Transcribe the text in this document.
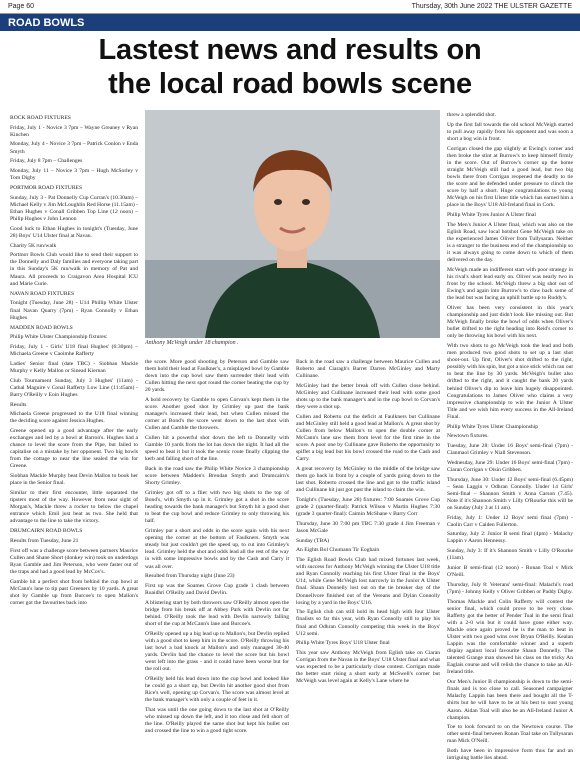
Page 60	Thursday, 30th June 2022 THE ULSTER GAZETTE
ROAD BOWLS
Lastest news and results on
the local road bowls scene

ROCK ROAD FIXTURES

Friday, July 1 - Novice 3 7pm – Wayne Greaney v Ryan Kinchen

Monday, July 4 - Novice 3 7pm – Patrick Conlon v Enda Smyth

Friday, July 8 7pm – Challenges

Monday, July 11 – Novice 3 7pm – Hugh McSorley v Tom Digby

PORTMOR ROAD FIXTURES

Sunday, July 3 - Pat Donnelly Cup Curran's (10.30am) – Michael Kelly v Jim McLoughlin Red Horse (11.15am) - Ethan Hughes v Conall Gribben Top Line (12 noon) – Philip Hughes v John Lennon

Good luck to Ethan Hughes in tonight's (Tuesday, June 28) Boys' U14 Ulster final at Navan.

Charity 5K run/walk

Portmor Bowls Club would like to send their support to the Donnelly and Daly families and everyone taking part in this Sunday's 5K run/walk in memory of Pat and Maura. All proceeds to Craigavon Area Hospital ICU and Marie Curie.

NAVAN ROAD FIXTURES

Tonight (Tuesday, June 28) - U14 Phillip White Ulster final Navan Quarry (7pm) - Ryan Connolly v Ethan Hughes

MADDEN ROAD BOWLS

Philip White Ulster Championship fixtures:

Friday, July 1 - Girls' U18 final Hughes' (6:30pm) – Michaela Greene v Caoimhe Rafferty

Ladies' Senior final (date TBC) - Siobhan Mackle Murphy v Kelly Mallon or Sinead Kiernan

Club Tournament Sunday, July 3 Hughes' (11am) - Cathal Maguire v Conal Rafferty Low Line (11:45am) - Barry O'Reilly v Eoin Hughes

Results

Michaela Greene progressed to the U18 final winning the deciding score against Jessica Hughes.

Greene opened up a good advantage after the early exchanges and led by a bowl at Barron's. Hughes had a chance to level the score from the Pipe, but failed to capitalise on a mistake by her opponent. Two big bowls from the cottage to near the line sealed the win for Greene.

Siobhan Mackle Murphy beat Devin Mallon to book her place in the Senior final.

Similar to their first encounter, little separated the tipsters most of the way. However from near sight of Morgan's, Mackle threw a rocker to below the chapel entrance which Emil just beat as two. She held that advantage to the line to take the victory.

DRUMCAIRN ROAD BOWLS

Results from Tuesday, June 21

First off was a challenge score between partners Maurice Cullen and Shane Short (donkey win) took on underdogs Ryan Gamble and Jim Peterson, who were faster out of the traps and had a good lead by McCov's.

Gamble hit a perfect shot from behind the cup bowl at McCann's lane to tip past Greeners by 10 yards. A great shot by Gamble up from Burcoe's to open Mallon's corner got the favourites back into

Anthony McVeigh under 18 champion .

the score. More good shooting by Peterson and Gamble saw them hold their lead at Faulkner's, a misplayed bowl by Gamble down into the cup bowl saw them surrender their lead with Cullen hitting the next spot round the corner beating the cup by 20 yards.

A bold recovery by Gamble to open Corvan's kept them in the score. Another good shot by Grimley up past the bank manager's increased their lead, but when Cullen missed the corner at Bond's the score went down to the last shot with Cullen and Gamble the throwers.

Cullen hit a powerful shot down the left to Donnelly with Gamble 10 yards from the lot has down the night. It had all the speed to beat it but it took the scenic route finally clipping the kerb and falling short of the line.

Back in the road saw the Philip White Novice 3 championship score between Madden's Brendan Smyth and Drumcairn's Shorty Grimley.

Grimley got off to a flier with two big shots to the top of Bond's, with Smyth up in it. Grimley got a shot in the score heading towards the bank manager's but Smyth hit a good shot to beat the cup bowl and reduce Grimley to only throwing his half.

Grimley put a short and odds in the score again with his next opening the corner at the bottom of Faulkners. Smyth was steady but just couldn't get the speed up, to cut into Grimley's lead. Grimley held the shot and odds lead all the rest of the way in with some impressive bowls and by the Cash and Carry it was all over.

Resulted from Thursday night (June 23)

First up was the Soames Grove Cup grade 1 clash between Ruaidhri O'Reilly and David Devlin.

A blistering start by both throwers saw O'Reilly almost open the bridge from his break off at Abbey Park with Devlin not far behind. O'Reilly took the lead with Devlin narrowly falling short of the cup at McCann's lane and Burcoe's.

O'Reilly opened up a big lead up to Mallon's, but Devlin replied with a good shot to keep him in the score. O'Reilly throwing his last bowl a bad knock at Mallon's and only managed 30-40 yards. Devlin had the chance to level the score but his bowl went left into the grass - and it could have been worse but for the roll out.

O'Reilly held his lead down into the cup bowl and looked like he could go a short up, but Devlin hit another good shot from Rice's well, opening up Corvan's. The score was almost level at the bank manager's with only a couple of feet in it.

That was until the one going down to the last shot at O'Reilly who missed up down the left, and it too close and fell short of the line. O'Reilly played the same shot but kept his bullet out and crossed the line to win a good tight score.

Back in the road saw a challenge between Maurice Cullen and Roberto and Ciaragh's Barret Darren McGinley and Marty Cullinane.

McGinley had the better break off with Cullen close behind. McGinley and Cullinane increased their lead with some good shots up to the bank manager's and in the cup bowl to Corvan's they were a shot up.

Cullen and Roberto cut the deficit at Faulkners but Cullinane and McGinley still held a good lead at Mallon's. A great shot by Cullen from below Mallon's to open the double corner at McCann's lane saw them from level for the first time in the score. A poor one by Cullinane gave Roberto the opportunity to spiflet a big lead but his bowl crossed the road to the Cash and Carry.

A great recovery by McGinley to the middle of the bridge saw them go back in front by a couple of yards going down to the last shot. Roberto crossed the line and got to the traffic island and Cullinane hit just got past the island to claim the win.

Tonight's (Tuesday, June 28) fixtures: 7:00 Soames Grove Cup grade 2 (quarter-final): Patrick Wilson v Martin Hughes 7:30 (grade 3 quarter-final): Caimin McShane v Barry Corr

Thursday, June 30 7:00 pm TBC 7:30 grade 4 Jim Freeman v Jason McGale

Sunday (TBA)

An Eights Bol Chumann Tir Eoghain

The Eglish Road Bowls Club had mixed fortunes last week, with success for Anthony McVeigh winning the Ulster U18 title and Ryan Connolly reaching his first Ulster final in the Boys' U14, while Gene McVeigh lost narrowly in the Junior A Ulster final. Shaun Donnelly lost out on the tie breaker day of the Donnellvore finished out of the Vereans and Dylan Connolly losing by a yard in the Boys' U16.

The Eglish club can still hold its head high with four Ulster finalists so far this year, with Ryan Connolly still to play his final and Odhran Connolly competing this week in the Boys' U12 semi.

Philip White Tyres Boys' U18 Ulster final

This year saw Anthony McVeigh from Eglish take on Ciaran Corrigan from the Navan in the Boys' U18 Ulster final and what was expected to be a particularly close contest. Corrigan made the better start rising a short early at McSwell's corner but McVeigh was level again at Kelly's Lane where he

threw a splendid shot.

Up the first fall towards the old school McVeigh started to pull away rapidly from his opponent and was soon a short a bog win in front.

Corrigan closed the gap slightly at Ewing's corner and then broke the stint at Burrow's to keep himself firmly in the score. Out of Burrow's corner up the home straight McVeigh still had a good lead, but two big bowls there from Corrigan reopened the deadly to tie the score and he defended under pressure to clinch the score by half a short. Huge congratulations to young McVeigh on his first Ulster title which has earned him a place in the Boys' U18 All-Ireland final in Cork.

Philip White Tyres Junior A Ulster final

The Men's Junior A Ulster final, which was also on the Eglish Road, saw local hotshot Gene McVeigh take on the experienced James Oliver from Tullysaran. Neither is a stranger to the business end of the championship so it was always going to come down to which of them delivered on the day.

McVeigh made an indifferent start with poor strategy in his rival's short lead early on. Oliver was nearly two in front by the school. McVeigh threw a big shot out of Ewing's and again into Burrow's to claw back some of the lead but was facing an uphill battle up to Ruddy's.

Oliver has been very consistent in this year's championship and just didn't look like missing out. But McVeigh finally broke the bowl of odds when Oliver's bullet drifted to the right heading into Reid's corner to only be throwing his bowl with his next.

With two shots to go McVeigh took the lead and both men produced two good shots to set up a last shot shoot-out. Up first, Oliver's shot drifted to the right, possibly with his spin, but got a nice stick which ran out to beat the line by 30 yards. McVeigh's bullet also drifted to the right, and it caught the bank 20 yards behind Oliver's dip to leave him hugely disappointed. Congratulations to James Oliver who claims a very impressive championship to win the Junior A Ulster Title and we wish him every success in the All-Ireland Final.

Philip White Tyres Ulster Championship

Newtown fixtures.

Tuesday, June 28: Under 16 Boys' semi-final (7pm) - Cianmaol Grimley v Niall Stevenson.

Wednesday, June 29: Under 16 Boys' semi-final (7pm) - Ciaran Corrigan v Oisin Gribben.

Thursday, June 30: Under 12 Boys' semi-final (6.45pm) – Sean Laggin v Odhran Connolly. Under 14 Girls' Semi-final – Shannon Smith v Anna Carson (7.45). Note if it's Shannon Smith v Lilly O'Rourke this will be on Sunday (July 3 at 11 am).

Friday, July 1: Under 12 Boys' semi final (7pm) - Caolin Carr v Caiden Fullerton.

Saturday, July 2: Junior B semi final (4pm) - Malachy Lappin v Aaron Hennessy.

Sunday, July 3: If it's Shannon Smith v Lilly O'Rourke (11am).

Junior B semi-final (12 noon) - Ronan Toal v Mick O'Neill.

Thursday, July 8: Veterans' semi-final: Malachi's road (7pm) - Johnny Kelly v Oliver Gribben or Paddy Digby.

Thomas Mackle and Colin Rafferty will contest the senior final, which could prove to be very close. Rafferty got the better of Pender Toal in the semi final with a 2-0 win but it could have gone either way. Mackle once again proved he is the man to beat in Ulster with two good wins over Bryan O'Reilly. Kealan Lappin was the comfortable winner and a superb display against local favourite Shaun Donnelly. The talented Grange man showed his class on the tricky An Eaglais course and will relish the chance to take an All-Ireland title.

Our Men's Junior B championship is down to the semi-finals and is too close to call. Seasoned campaigner Malachy Lappin has been there and bought all the T-shirts but he will have to be at his best to oust young Aaron. Aidan Toal will also be an All-Ireland Junior A champion.

Toe to look forward to on the Newtown course. The other semi-final between Ronan Toal take on Tullysaran man Mick O'Neill.

Both have been in impressive form thus far and an intriguing battle lies ahead.
